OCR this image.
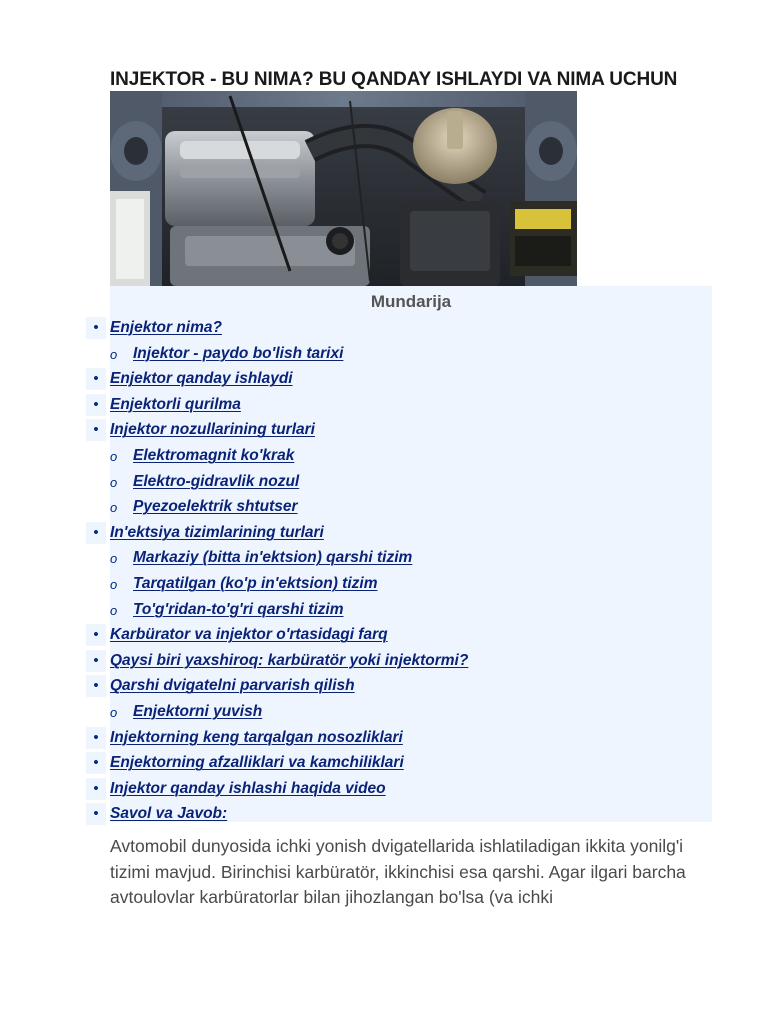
INJEKTOR - BU NIMA? BU QANDAY ISHLAYDI VA NIMA UCHUN
Mundarija
• Enjektor nima?
o Injektor - paydo bo'lish tarixi
• Enjektor qanday ishlaydi
• Enjektorli qurilma
• Injektor nozullarining turlari
o Elektromagnit ko'krak
o Elektro-gidravlik nozul
o Pyezoelektrik shtutser
• In'ektsiya tizimlarining turlari
o Markaziy (bitta in'ektsion) qarshi tizim
o Tarqatilgan (ko'p in'ektsion) tizim
o To'g'ridan-to'g'ri qarshi tizim
• Karbürator va injektor o'rtasidagi farq
• Qaysi biri yaxshiroq: karbüratör yoki injektormi?
• Qarshi dvigatelni parvarish qilish
o Enjektorni yuvish
• Injektorning keng tarqalgan nosozliklari
• Enjektorning afzalliklari va kamchiliklari
• Injektor qanday ishlashi haqida video
• Savol va Javob:

Avtomobil dunyosida ichki yonish dvigatellarida ishlatiladigan ikkita yonilg'i tizimi mavjud. Birinchisi karbüratör, ikkinchisi esa qarshi. Agar ilgari barcha avtoulovlar karbüratorlar bilan jihozlangan bo'lsa (va ichki
